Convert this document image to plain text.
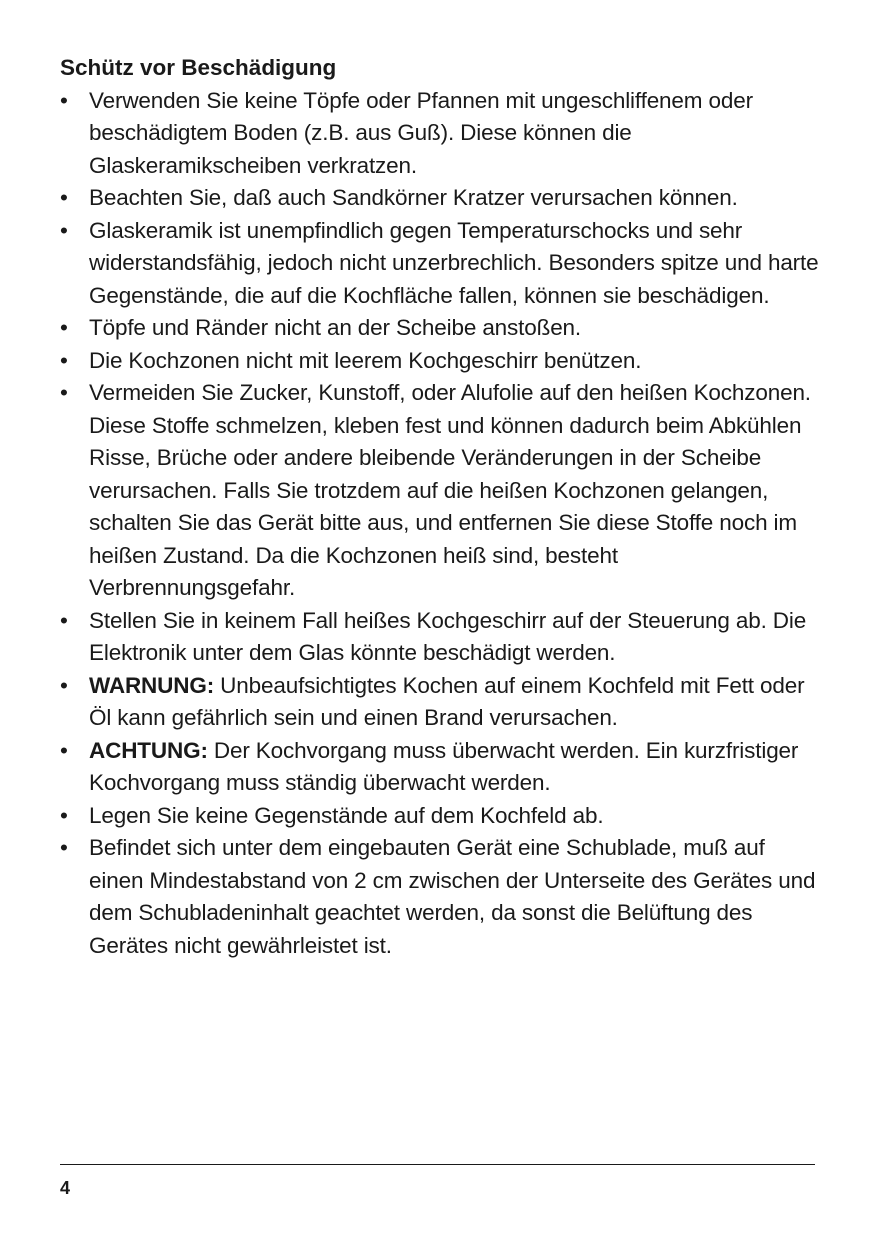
Schütz vor Beschädigung
• Verwenden Sie keine Töpfe oder Pfannen mit ungeschliffenem oder beschädigtem Boden (z.B. aus Guß). Diese können die Glaskeramikscheiben verkratzen.
• Beachten Sie, daß auch Sandkörner Kratzer verursachen können.
• Glaskeramik ist unempfindlich gegen Temperaturschocks und sehr widerstandsfähig, jedoch nicht unzerbrechlich. Besonders spitze und harte Gegenstände, die auf die Kochfläche fallen, können sie beschädigen.
• Töpfe und Ränder nicht an der Scheibe anstoßen.
• Die Kochzonen nicht mit leerem Kochgeschirr benützen.
• Vermeiden Sie Zucker, Kunstoff, oder Alufolie auf den heißen Kochzonen. Diese Stoffe schmelzen, kleben fest und können dadurch beim Abkühlen Risse, Brüche oder andere bleibende Veränderungen in der Scheibe verursachen. Falls Sie trotzdem auf die heißen Kochzonen gelangen, schalten Sie das Gerät bitte aus, und entfernen Sie diese Stoffe noch im heißen Zustand. Da die Kochzonen heiß sind, besteht Verbrennungsgefahr.
• Stellen Sie in keinem Fall heißes Kochgeschirr auf der Steuerung ab. Die Elektronik unter dem Glas könnte beschädigt werden.
• WARNUNG: Unbeaufsichtigtes Kochen auf einem Kochfeld mit Fett oder Öl kann gefährlich sein und einen Brand verursachen.
• ACHTUNG: Der Kochvorgang muss überwacht werden. Ein kurzfristiger Kochvorgang muss ständig überwacht werden.
• Legen Sie keine Gegenstände auf dem Kochfeld ab.
• Befindet sich unter dem eingebauten Gerät eine Schublade, muß auf einen Mindestabstand von 2 cm zwischen der Unterseite des Gerätes und dem Schubladeninhalt geachtet werden, da sonst die Belüftung des Gerätes nicht gewährleistet ist.
4
